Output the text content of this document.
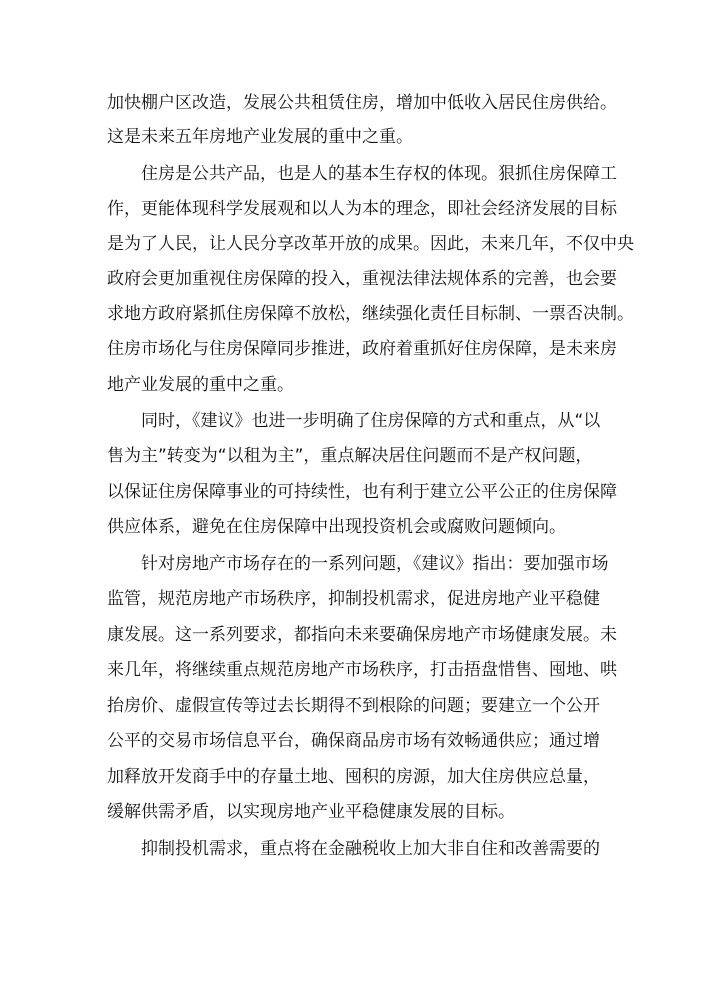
加快棚户区改造，发展公共租赁住房，增加中低收入居民住房供给。
这是未来五年房地产业发展的重中之重。
住房是公共产品，也是人的基本生存权的体现。狠抓住房保障工
作，更能体现科学发展观和以人为本的理念，即社会经济发展的目标
是为了人民，让人民分享改革开放的成果。因此，未来几年，不仅中央
政府会更加重视住房保障的投入，重视法律法规体系的完善，也会要
求地方政府紧抓住房保障不放松，继续强化责任目标制、一票否决制。
住房市场化与住房保障同步推进，政府着重抓好住房保障，是未来房
地产业发展的重中之重。
同时，《建议》也进一步明确了住房保障的方式和重点，从“以
售为主”转变为“以租为主”，重点解决居住问题而不是产权问题，
以保证住房保障事业的可持续性，也有利于建立公平公正的住房保障
供应体系，避免在住房保障中出现投资机会或腐败问题倾向。
针对房地产市场存在的一系列问题，《建议》指出：要加强市场
监管，规范房地产市场秩序，抑制投机需求，促进房地产业平稳健
康发展。这一系列要求，都指向未来要确保房地产市场健康发展。未
来几年，将继续重点规范房地产市场秩序，打击捂盘惜售、囤地、哄
抬房价、虚假宣传等过去长期得不到根除的问题；要建立一个公开
公平的交易市场信息平台，确保商品房市场有效畅通供应；通过增
加释放开发商手中的存量土地、囤积的房源，加大住房供应总量，
缓解供需矛盾，以实现房地产业平稳健康发展的目标。
抑制投机需求，重点将在金融税收上加大非自住和改善需要的
